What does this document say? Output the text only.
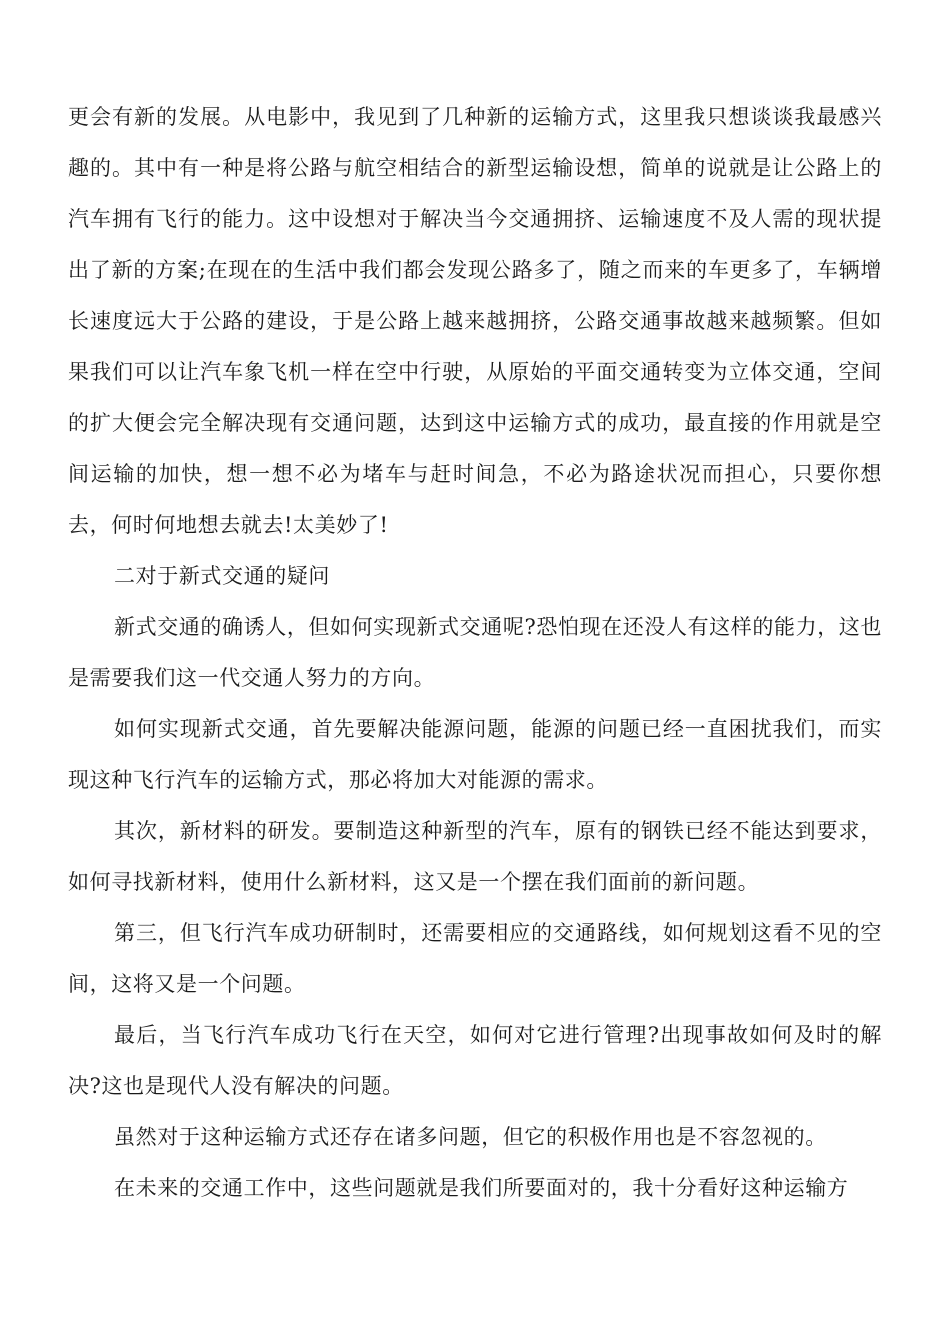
更会有新的发展。从电影中，我见到了几种新的运输方式，这里我只想谈谈我最感兴趣的。其中有一种是将公路与航空相结合的新型运输设想，简单的说就是让公路上的汽车拥有飞行的能力。这中设想对于解决当今交通拥挤、运输速度不及人需的现状提出了新的方案;在现在的生活中我们都会发现公路多了，随之而来的车更多了，车辆增长速度远大于公路的建设，于是公路上越来越拥挤，公路交通事故越来越频繁。但如果我们可以让汽车象飞机一样在空中行驶，从原始的平面交通转变为立体交通，空间的扩大便会完全解决现有交通问题，达到这中运输方式的成功，最直接的作用就是空间运输的加快，想一想不必为堵车与赶时间急，不必为路途状况而担心，只要你想去，何时何地想去就去!太美妙了!

二对于新式交通的疑问

新式交通的确诱人，但如何实现新式交通呢?恐怕现在还没人有这样的能力，这也是需要我们这一代交通人努力的方向。

如何实现新式交通，首先要解决能源问题，能源的问题已经一直困扰我们，而实现这种飞行汽车的运输方式，那必将加大对能源的需求。

其次，新材料的研发。要制造这种新型的汽车，原有的钢铁已经不能达到要求，如何寻找新材料，使用什么新材料，这又是一个摆在我们面前的新问题。

第三，但飞行汽车成功研制时，还需要相应的交通路线，如何规划这看不见的空间，这将又是一个问题。

最后，当飞行汽车成功飞行在天空，如何对它进行管理?出现事故如何及时的解决?这也是现代人没有解决的问题。

虽然对于这种运输方式还存在诸多问题，但它的积极作用也是不容忽视的。

在未来的交通工作中，这些问题就是我们所要面对的，我十分看好这种运输方
